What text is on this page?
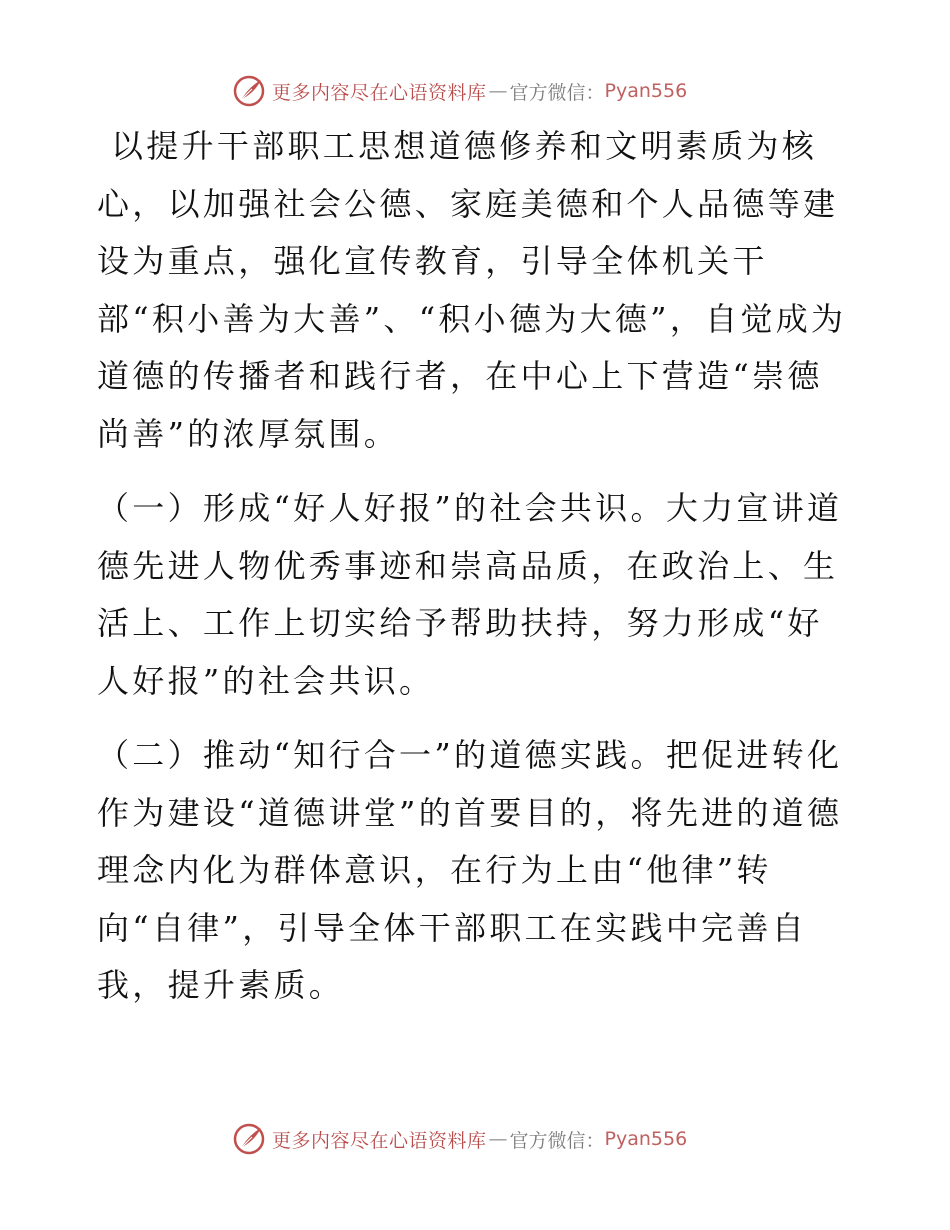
更多内容尽在心语资料库 — 官方微信： Pyan556

以提升干部职工思想道德修养和文明素质为核心，以加强社会公德、家庭美德和个人品德等建设为重点，强化宣传教育，引导全体机关干部“积小善为大善”、“积小德为大德”，自觉成为道德的传播者和践行者，在中心上下营造“崇德尚善”的浓厚氛围。

（一）形成“好人好报”的社会共识。大力宣讲道德先进人物优秀事迹和崇高品质，在政治上、生活上、工作上切实给予帮助扶持，努力形成“好人好报”的社会共识。

（二）推动“知行合一”的道德实践。把促进转化作为建设“道德讲堂”的首要目的，将先进的道德理念内化为群体意识，在行为上由“他律”转向“自律”，引导全体干部职工在实践中完善自我，提升素质。

更多内容尽在心语资料库 — 官方微信： Pyan556
